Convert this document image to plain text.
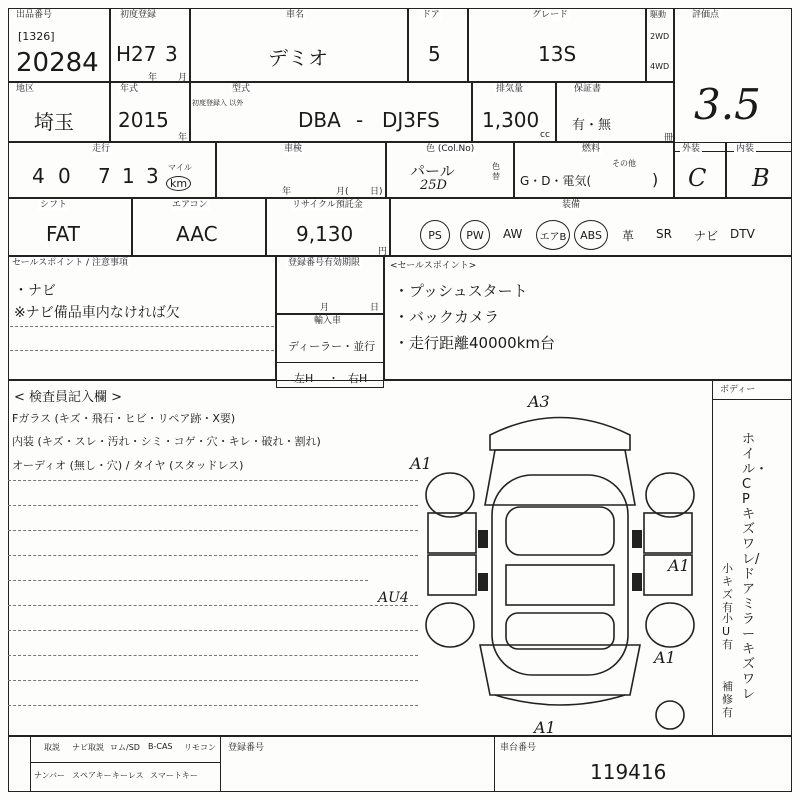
出品番号
[1326]
20284
初度登録
H27 3
年 月
車名
デミオ
ドア
5
グレード
13S
駆動
2WD
4WD
評価点
3.5
地区
埼玉
年式
2015
年
型式
初度登録入 以外
DBA - DJ3FS
排気量
1,300
cc
保証書
有・無
冊
走行
4 0 7 1 3 マイル
km
車検
年	月( 日)
色 (Col.No)
パール
25D
色替
燃料
その他
G・D・電気(	)
外装
C
内装
B
シフト
FAT
エアコン
AAC
リサイクル預託金
9,130
円
装備
PS	PW	AW	エアB	ABS	革 SR ナビ DTV
セールスポイント / 注意事項
・ナビ
※ナビ備品車内なければ欠
登録番号有効期限
月	日
輸入車
ディーラー・並行
左H ・ 右H
<セールスポイント>
・プッシュスタート
・バックカメラ
・走行距離40000km台
< 検査員記入欄 >
Fガラス (キズ・飛石・ヒビ・リペア跡・X要)
内装 (キズ・スレ・汚れ・シミ・コゲ・穴・キレ・破れ・割れ)
オーディオ (無し・穴) / タイヤ (スタッドレス)
A3
A1
A1
AU4
A1
A1
ボディー
ホイル・CPキズワレ/ドアミラーキズワレ
小キズ有
小U有
補修有
取説 ナビ取説 ロム/SD B-CAS リモコン
ナンバー スペアキー キーレス スマートキー
登録番号	車台番号
119416
